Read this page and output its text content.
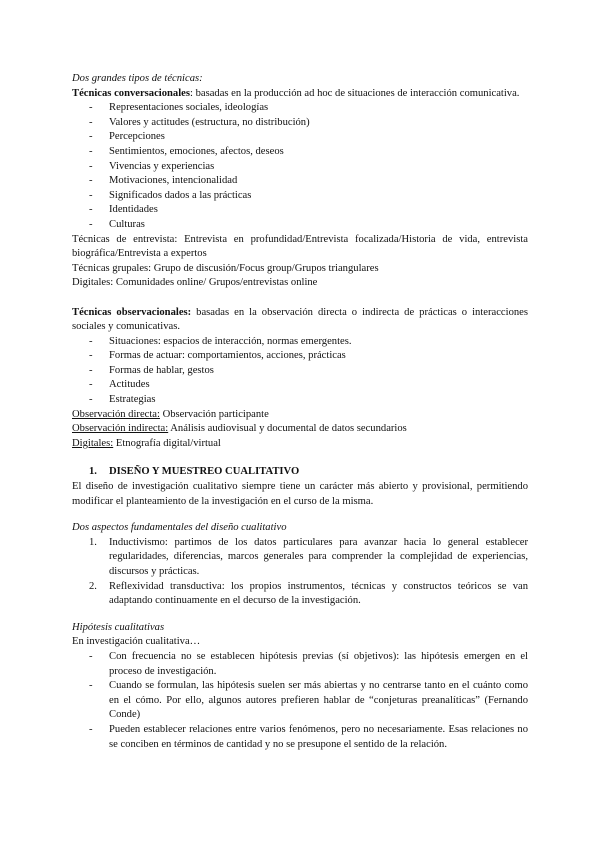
Dos grandes tipos de técnicas:

Técnicas conversacionales: basadas en la producción ad hoc de situaciones de interacción comunicativa.

- Representaciones sociales, ideologías
- Valores y actitudes (estructura, no distribución)
- Percepciones
- Sentimientos, emociones, afectos, deseos
- Vivencias y experiencias
- Motivaciones, intencionalidad
- Significados dados a las prácticas
- Identidades
- Culturas

Técnicas de entrevista: Entrevista en profundidad/Entrevista focalizada/Historia de vida, entrevista biográfica/Entrevista a expertos

Técnicas grupales: Grupo de discusión/Focus group/Grupos triangulares

Digitales: Comunidades online/ Grupos/entrevistas online

Técnicas observacionales: basadas en la observación directa o indirecta de prácticas o interacciones sociales y comunicativas.

- Situaciones: espacios de interacción, normas emergentes.
- Formas de actuar: comportamientos, acciones, prácticas
- Formas de hablar, gestos
- Actitudes
- Estrategias

Observación directa: Observación participante

Observación indirecta: Análisis audiovisual y documental de datos secundarios

Digitales: Etnografía digital/virtual

1. DISEÑO Y MUESTREO CUALITATIVO

El diseño de investigación cualitativo siempre tiene un carácter más abierto y provisional, permitiendo modificar el planteamiento de la investigación en el curso de la misma.

Dos aspectos fundamentales del diseño cualitativo

1. Inductivismo: partimos de los datos particulares para avanzar hacia lo general establecer regularidades, diferencias, marcos generales para comprender la complejidad de experiencias, discursos y prácticas.
2. Reflexividad transductiva: los propios instrumentos, técnicas y constructos teóricos se van adaptando continuamente en el decurso de la investigación.

Hipótesis cualitativas

En investigación cualitativa…

- Con frecuencia no se establecen hipótesis previas (sí objetivos): las hipótesis emergen en el proceso de investigación.
- Cuando se formulan, las hipótesis suelen ser más abiertas y no centrarse tanto en el cuánto como en el cómo. Por ello, algunos autores prefieren hablar de “conjeturas preanalíticas” (Fernando Conde)
- Pueden establecer relaciones entre varios fenómenos, pero no necesariamente. Esas relaciones no se conciben en términos de cantidad y no se presupone el sentido de la relación.
